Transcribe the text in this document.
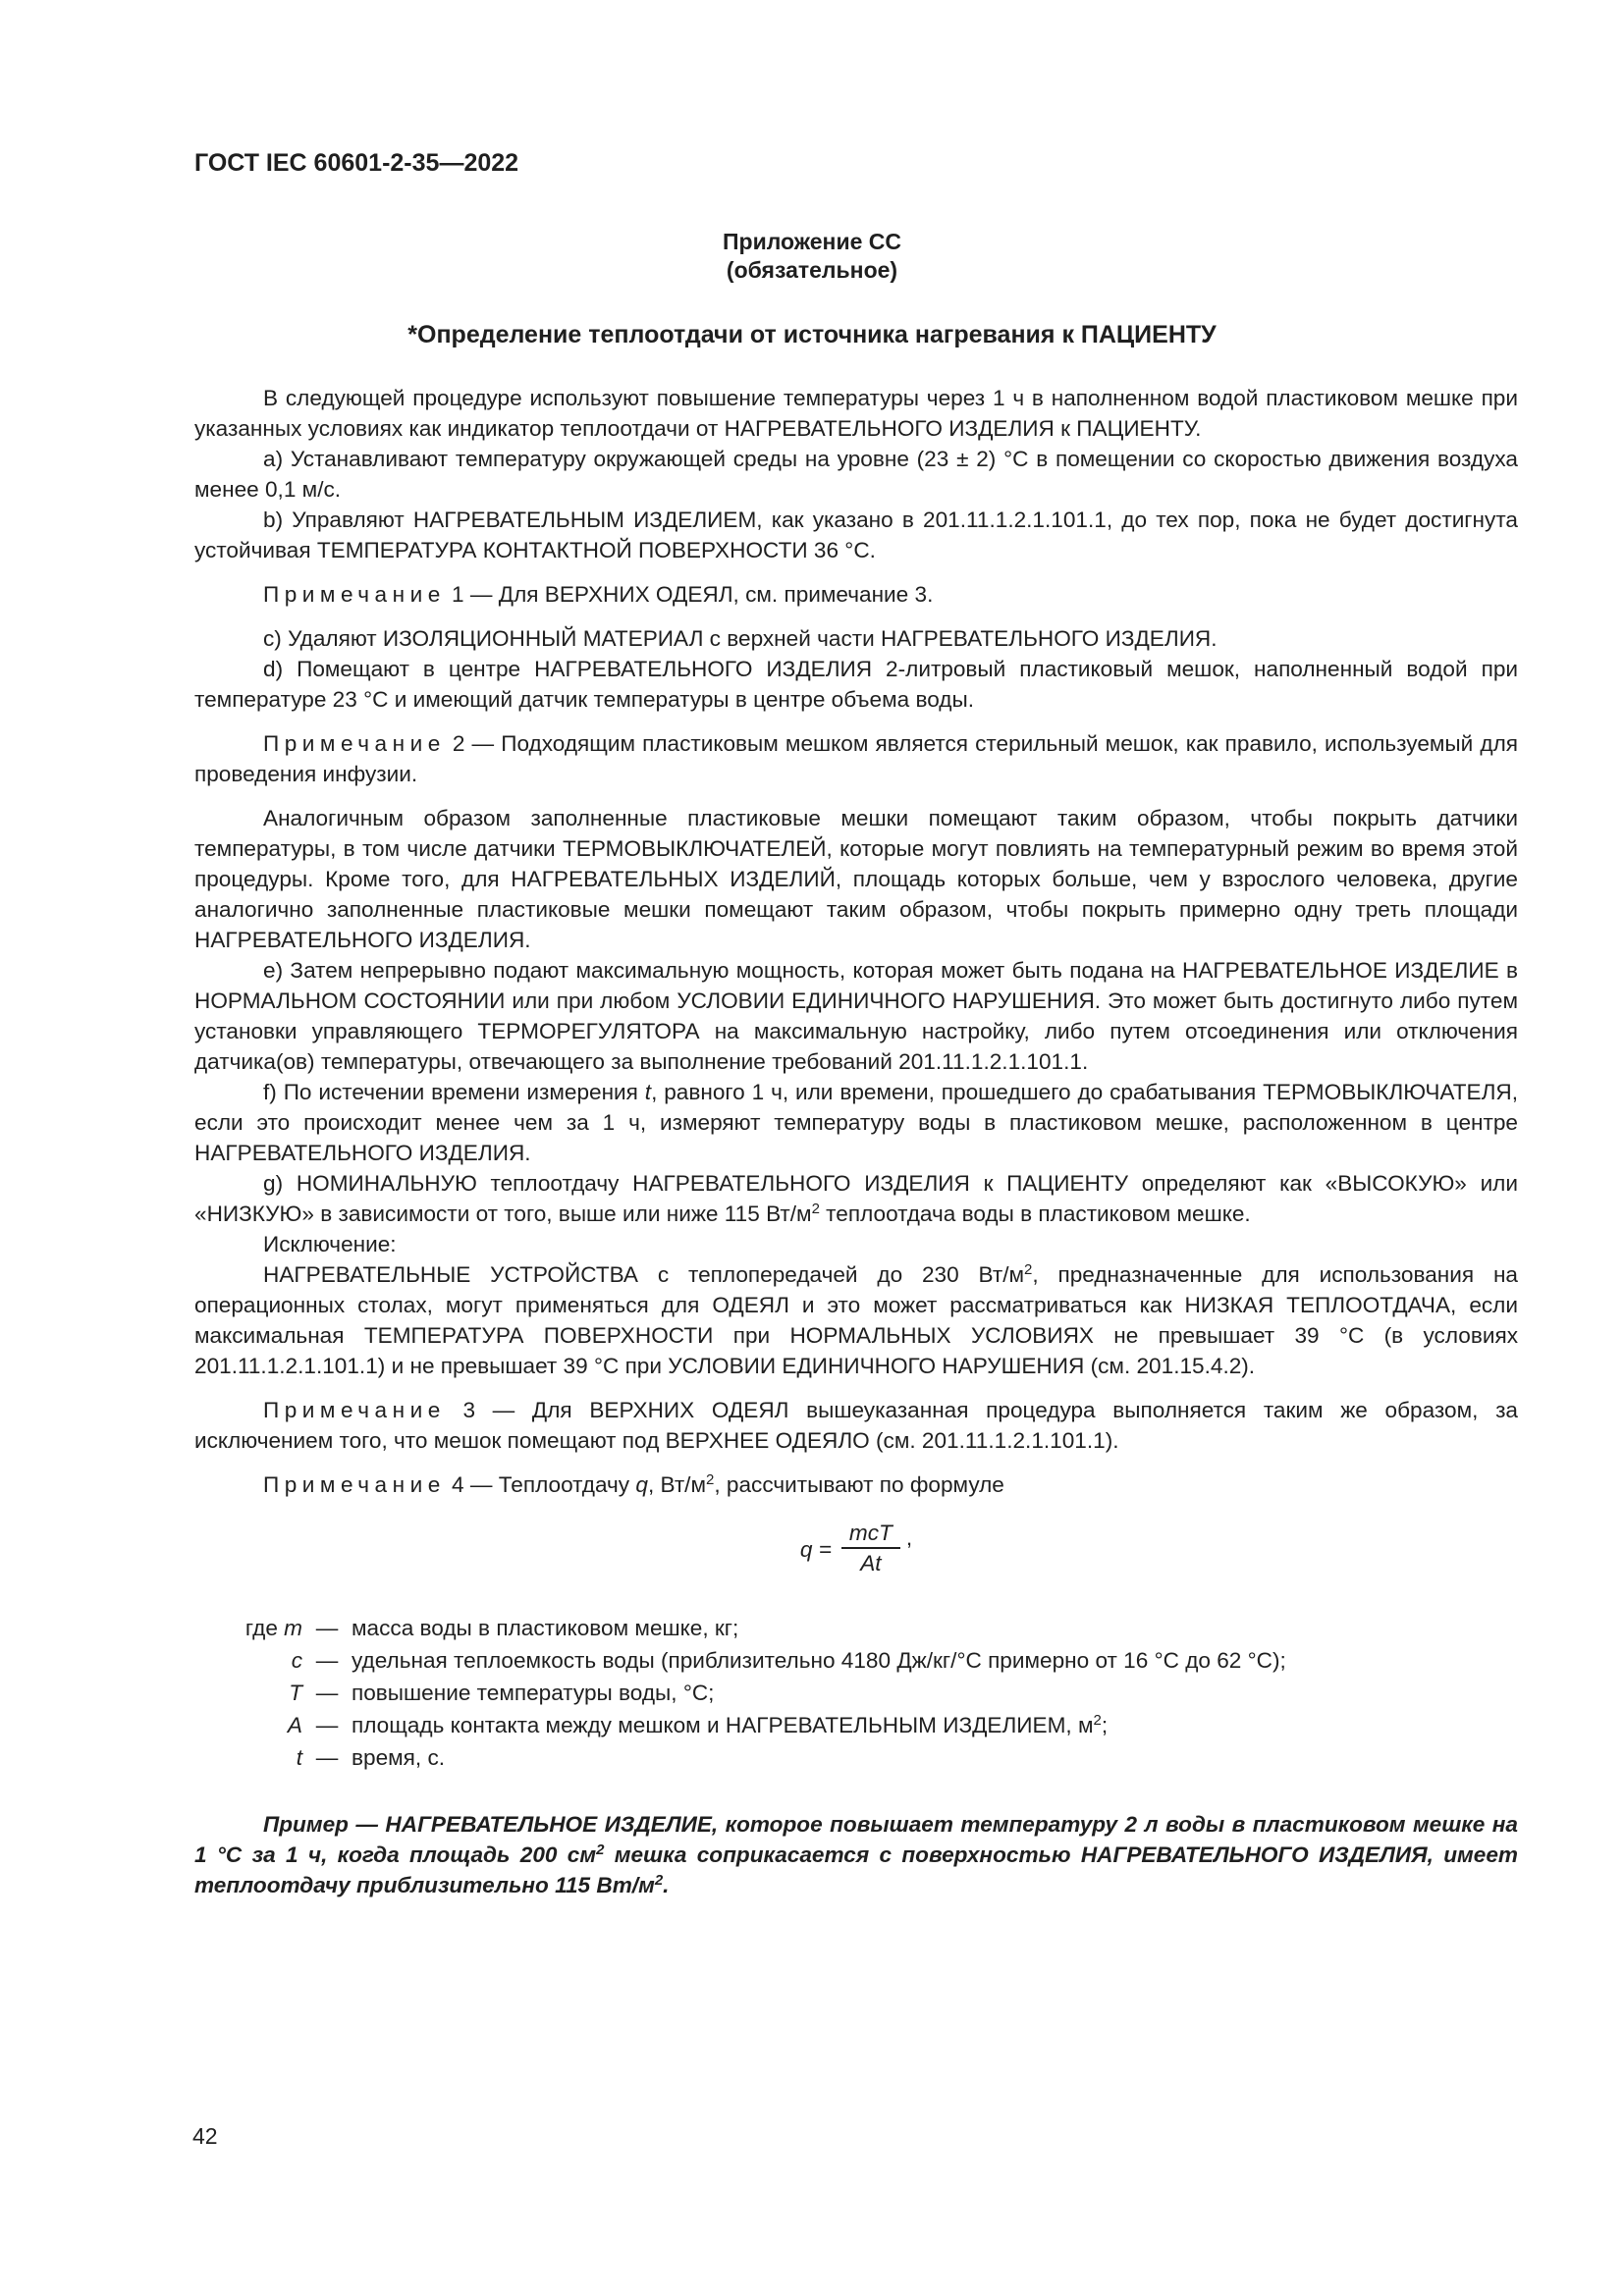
ГОСТ IEC 60601-2-35—2022
Приложение CC
(обязательное)
*Определение теплоотдачи от источника нагревания к ПАЦИЕНТУ

В следующей процедуре используют повышение температуры через 1 ч в наполненном водой пластиковом мешке при указанных условиях как индикатор теплоотдачи от НАГРЕВАТЕЛЬНОГО ИЗДЕЛИЯ к ПАЦИЕНТУ.

a) Устанавливают температуру окружающей среды на уровне (23 ± 2) °С в помещении со скоростью движения воздуха менее 0,1 м/с.

b) Управляют НАГРЕВАТЕЛЬНЫМ ИЗДЕЛИЕМ, как указано в 201.11.1.2.1.101.1, до тех пор, пока не будет достигнута устойчивая ТЕМПЕРАТУРА КОНТАКТНОЙ ПОВЕРХНОСТИ 36 °С.

Примечание 1 — Для ВЕРХНИХ ОДЕЯЛ, см. примечание 3.

c) Удаляют ИЗОЛЯЦИОННЫЙ МАТЕРИАЛ с верхней части НАГРЕВАТЕЛЬНОГО ИЗДЕЛИЯ.

d) Помещают в центре НАГРЕВАТЕЛЬНОГО ИЗДЕЛИЯ 2-литровый пластиковый мешок, наполненный водой при температуре 23 °С и имеющий датчик температуры в центре объема воды.

Примечание 2 — Подходящим пластиковым мешком является стерильный мешок, как правило, используемый для проведения инфузии.

Аналогичным образом заполненные пластиковые мешки помещают таким образом, чтобы покрыть датчики температуры, в том числе датчики ТЕРМОВЫКЛЮЧАТЕЛЕЙ, которые могут повлиять на температурный режим во время этой процедуры. Кроме того, для НАГРЕВАТЕЛЬНЫХ ИЗДЕЛИЙ, площадь которых больше, чем у взрослого человека, другие аналогично заполненные пластиковые мешки помещают таким образом, чтобы покрыть примерно одну треть площади НАГРЕВАТЕЛЬНОГО ИЗДЕЛИЯ.

e) Затем непрерывно подают максимальную мощность, которая может быть подана на НАГРЕВАТЕЛЬНОЕ ИЗДЕЛИЕ в НОРМАЛЬНОМ СОСТОЯНИИ или при любом УСЛОВИИ ЕДИНИЧНОГО НАРУШЕНИЯ. Это может быть достигнуто либо путем установки управляющего ТЕРМОРЕГУЛЯТОРА на максимальную настройку, либо путем отсоединения или отключения датчика(ов) температуры, отвечающего за выполнение требований 201.11.1.2.1.101.1.

f) По истечении времени измерения t, равного 1 ч, или времени, прошедшего до срабатывания ТЕРМОВЫКЛЮЧАТЕЛЯ, если это происходит менее чем за 1 ч, измеряют температуру воды в пластиковом мешке, расположенном в центре НАГРЕВАТЕЛЬНОГО ИЗДЕЛИЯ.

g) НОМИНАЛЬНУЮ теплоотдачу НАГРЕВАТЕЛЬНОГО ИЗДЕЛИЯ к ПАЦИЕНТУ определяют как «ВЫСОКУЮ» или «НИЗКУЮ» в зависимости от того, выше или ниже 115 $Вт/м^2$ теплоотдача воды в пластиковом мешке.

Исключение:

НАГРЕВАТЕЛЬНЫЕ УСТРОЙСТВА с теплопередачей до 230 $Вт/м^2$, предназначенные для использования на операционных столах, могут применяться для ОДЕЯЛ и это может рассматриваться как НИЗКАЯ ТЕПЛООТДАЧА, если максимальная ТЕМПЕРАТУРА ПОВЕРХНОСТИ при НОРМАЛЬНЫХ УСЛОВИЯХ не превышает 39 °С (в условиях 201.11.1.2.1.101.1) и не превышает 39 °С при УСЛОВИИ ЕДИНИЧНОГО НАРУШЕНИЯ (см. 201.15.4.2).

Примечание 3 — Для ВЕРХНИХ ОДЕЯЛ вышеуказанная процедура выполняется таким же образом, за исключением того, что мешок помещают под ВЕРХНЕЕ ОДЕЯЛО (см. 201.11.1.2.1.101.1).

Примечание 4 — Теплоотдачу q, $Вт/м^2$, рассчитывают по формуле

$q = \frac{\text{mcT}}{At}$ ,
где m — масса воды в пластиковом мешке, кг;
c — удельная теплоемкость воды (приблизительно 4180 Дж/кг/°С примерно от 16 °С до 62 °С);
T — повышение температуры воды, °С;
A — площадь контакта между мешком и НАГРЕВАТЕЛЬНЫМ ИЗДЕЛИЕМ, $м^2$;
t — время, с.

Пример — НАГРЕВАТЕЛЬНОЕ ИЗДЕЛИЕ, которое повышает температуру 2 л воды в пластиковом мешке на 1 °С за 1 ч, когда площадь 200 $см^2$ мешка соприкасается с поверхностью НАГРЕВАТЕЛЬНОГО ИЗДЕЛИЯ, имеет теплоотдачу приблизительно 115 $Вт/м^2$.

42
